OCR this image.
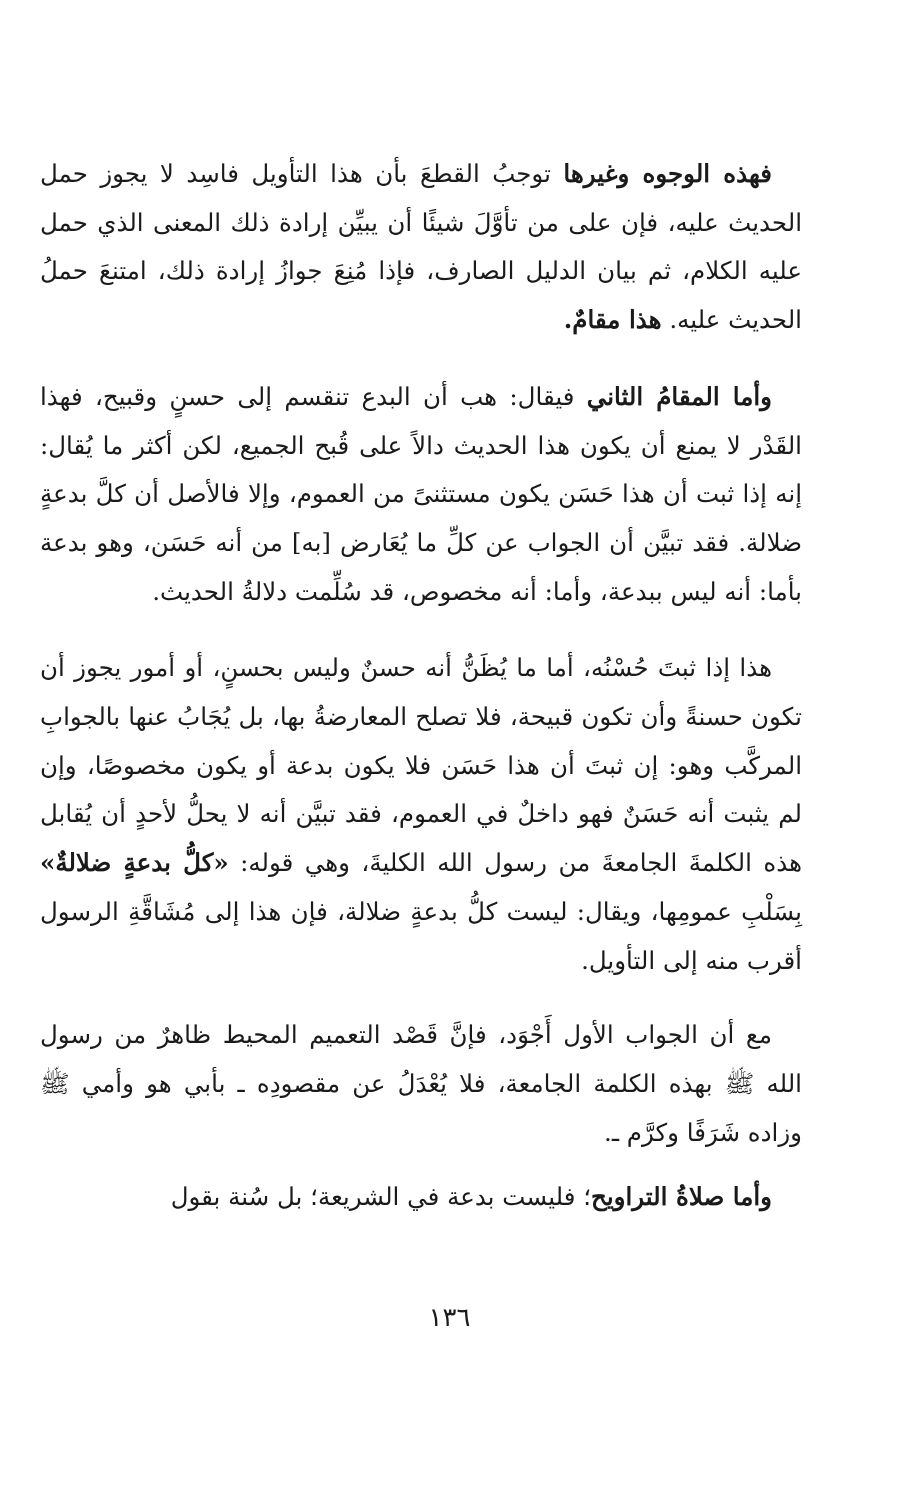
فهذه الوجوه وغيرها توجبُ القطعَ بأن هذا التأويل فاسِد لا يجوز حمل الحديث عليه، فإن على من تأوَّلَ شيئًا أن يبيِّن إرادة ذلك المعنى الذي حمل عليه الكلام، ثم بيان الدليل الصارف، فإذا مُنِعَ جوازُ إرادة ذلك، امتنعَ حملُ الحديث عليه. هذا مقامٌ.

وأما المقامُ الثاني فيقال: هب أن البدع تنقسم إلى حسنٍ وقبيح، فهذا القَدْر لا يمنع أن يكون هذا الحديث دالاً على قُبح الجميع، لكن أكثر ما يُقال: إنه إذا ثبت أن هذا حَسَن يكون مستثنىً من العموم، وإلا فالأصل أن كلَّ بدعةٍ ضلالة. فقد تبيَّن أن الجواب عن كلِّ ما يُعَارض [به] من أنه حَسَن، وهو بدعة بأما: أنه ليس ببدعة، وأما: أنه مخصوص، قد سُلِّمت دلالةُ الحديث.

هذا إذا ثبتَ حُسْنُه، أما ما يُظَنُّ أنه حسنٌ وليس بحسنٍ، أو أمور يجوز أن تكون حسنةً وأن تكون قبيحة، فلا تصلح المعارضةُ بها، بل يُجَابُ عنها بالجوابِ المركَّب وهو: إن ثبتَ أن هذا حَسَن فلا يكون بدعة أو يكون مخصوصًا، وإن لم يثبت أنه حَسَنٌ فهو داخلٌ في العموم، فقد تبيَّن أنه لا يحلُّ لأحدٍ أن يُقابل هذه الكلمةَ الجامعةَ من رسول الله الكليةَ، وهي قوله: «كلُّ بدعةٍ ضلالةٌ» بِسَلْبِ عمومِها، ويقال: ليست كلُّ بدعةٍ ضلالة، فإن هذا إلى مُشَاقَّةِ الرسول أقرب منه إلى التأويل.

مع أن الجواب الأول أَجْوَد، فإنَّ قَصْد التعميم المحيط ظاهرٌ من رسول الله ﷺ بهذه الكلمة الجامعة، فلا يُعْدَلُ عن مقصودِه ـ بأبي هو وأمي ﷺ وزاده شَرَفًا وكرَّم ـ.

وأما صلاةُ التراويح؛ فليست بدعة في الشريعة؛ بل سُنة بقول

١٣٦
